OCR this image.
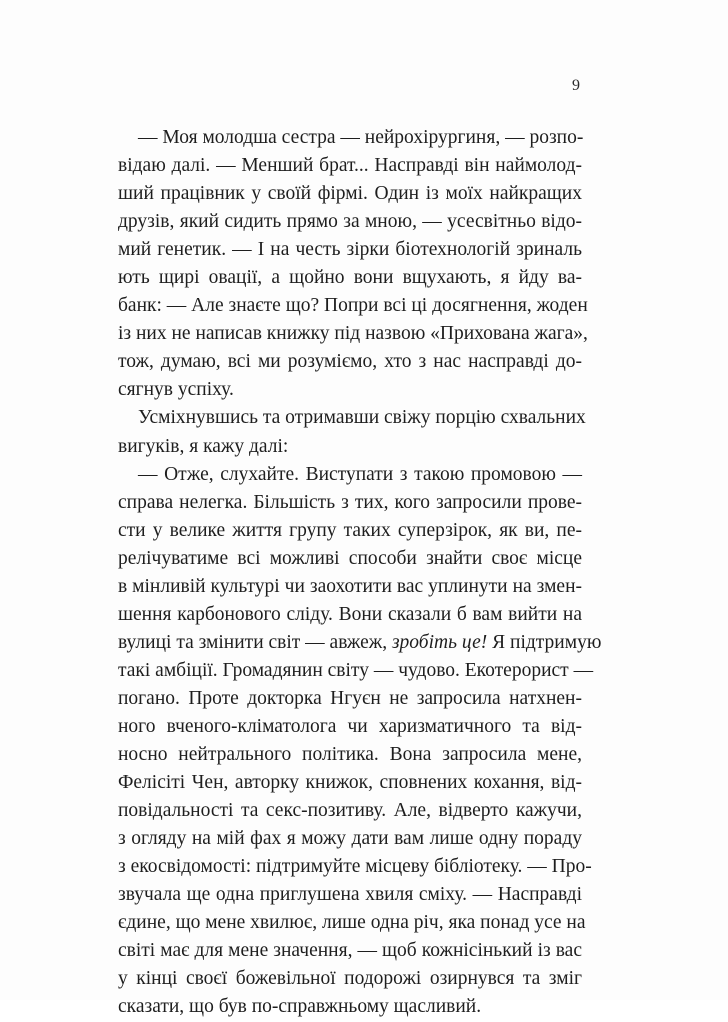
9
— Моя молодша сестра — нейрохірургиня, — розпо-
відаю далі. — Менший брат... Насправді він наймолод-
ший працівник у своїй фірмі. Один із моїх найкращих
друзів, який сидить прямо за мною, — усесвітньо відо-
мий генетик. — І на честь зірки біотехнологій зриналь
ють щирі овації, а щойно вони вщухають, я йду ва-
банк: — Але знаєте що? Попри всі ці досягнення, жоден
із них не написав книжку під назвою «Прихована жага»,
тож, думаю, всі ми розуміємо, хто з нас насправді до-
сягнув успіху.
Усміхнувшись та отримавши свіжу порцію схвальних
вигуків, я кажу далі:
— Отже, слухайте. Виступати з такою промовою —
справа нелегка. Більшість з тих, кого запросили прове-
сти у велике життя групу таких суперзірок, як ви, пе-
релічуватиме всі можливі способи знайти своє місце
в мінливій культурі чи заохотити вас уплинути на змен-
шення карбонового сліду. Вони сказали б вам вийти на
вулиці та змінити світ — авжеж, зробіть це! Я підтримую
такі амбіції. Громадянин світу — чудово. Екотерорист —
погано. Проте докторка Нгуєн не запросила натхнен-
ного вченого-кліматолога чи харизматичного та від-
носно нейтрального політика. Вона запросила мене,
Фелісіті Чен, авторку книжок, сповнених кохання, від-
повідальності та секс-позитиву. Але, відверто кажучи,
з огляду на мій фах я можу дати вам лише одну пораду
з екосвідомості: підтримуйте місцеву бібліотеку. — Про-
звучала ще одна приглушена хвиля сміху. — Насправді
єдине, що мене хвилює, лише одна річ, яка понад усе на
світі має для мене значення, — щоб кожнісінький із вас
у кінці своєї божевільної подорожі озирнувся та зміг
сказати, що був по-справжньому щасливий.
